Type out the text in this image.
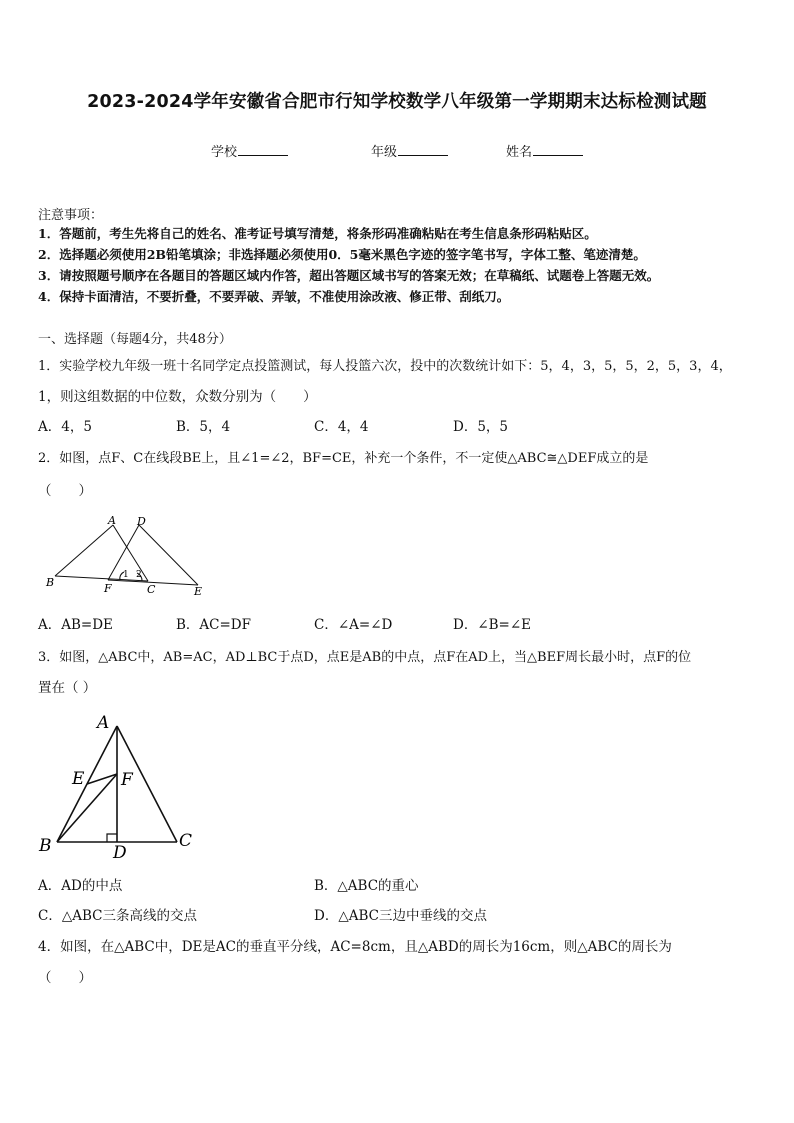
2023-2024学年安徽省合肥市行知学校数学八年级第一学期期末达标检测试题
学校	年级	姓名
注意事项：
1．答题前，考生先将自己的姓名、准考证号填写清楚，将条形码准确粘贴在考生信息条形码粘贴区。
2．选择题必须使用2B铅笔填涂；非选择题必须使用0．5毫米黑色字迹的签字笔书写，字体工整、笔迹清楚。
3．请按照题号顺序在各题目的答题区域内作答，超出答题区域书写的答案无效；在草稿纸、试题卷上答题无效。
4．保持卡面清洁，不要折叠，不要弄破、弄皱，不准使用涂改液、修正带、刮纸刀。
一、选择题（每题4分，共48分）
1．实验学校九年级一班十名同学定点投篮测试，每人投篮六次，投中的次数统计如下：5，4，3，5，5，2，5，3，4，
1，则这组数据的中位数，众数分别为（　　）
A．4，5	B．5，4	C．4，4	D．5，5
2．如图，点F、C在线段BE上，且∠1=∠2，BF=CE，补充一个条件，不一定使△ABC≅△DEF成立的是
（　　）
A D
B	F	C	E
1 2
A．AB=DE	B．AC=DF	C．∠A=∠D	D．∠B=∠E
3．如图，△ABC中，AB=AC，AD⊥BC于点D，点E是AB的中点，点F在AD上，当△BEF周长最小时，点F的位
置在（ ）
A
E F
B	D
C
A．AD的中点	B．△ABC的重心
C．△ABC三条高线的交点	D．△ABC三边中垂线的交点
4．如图，在△ABC中，DE是AC的垂直平分线，AC=8cm，且△ABD的周长为16cm，则△ABC的周长为
（　　）
